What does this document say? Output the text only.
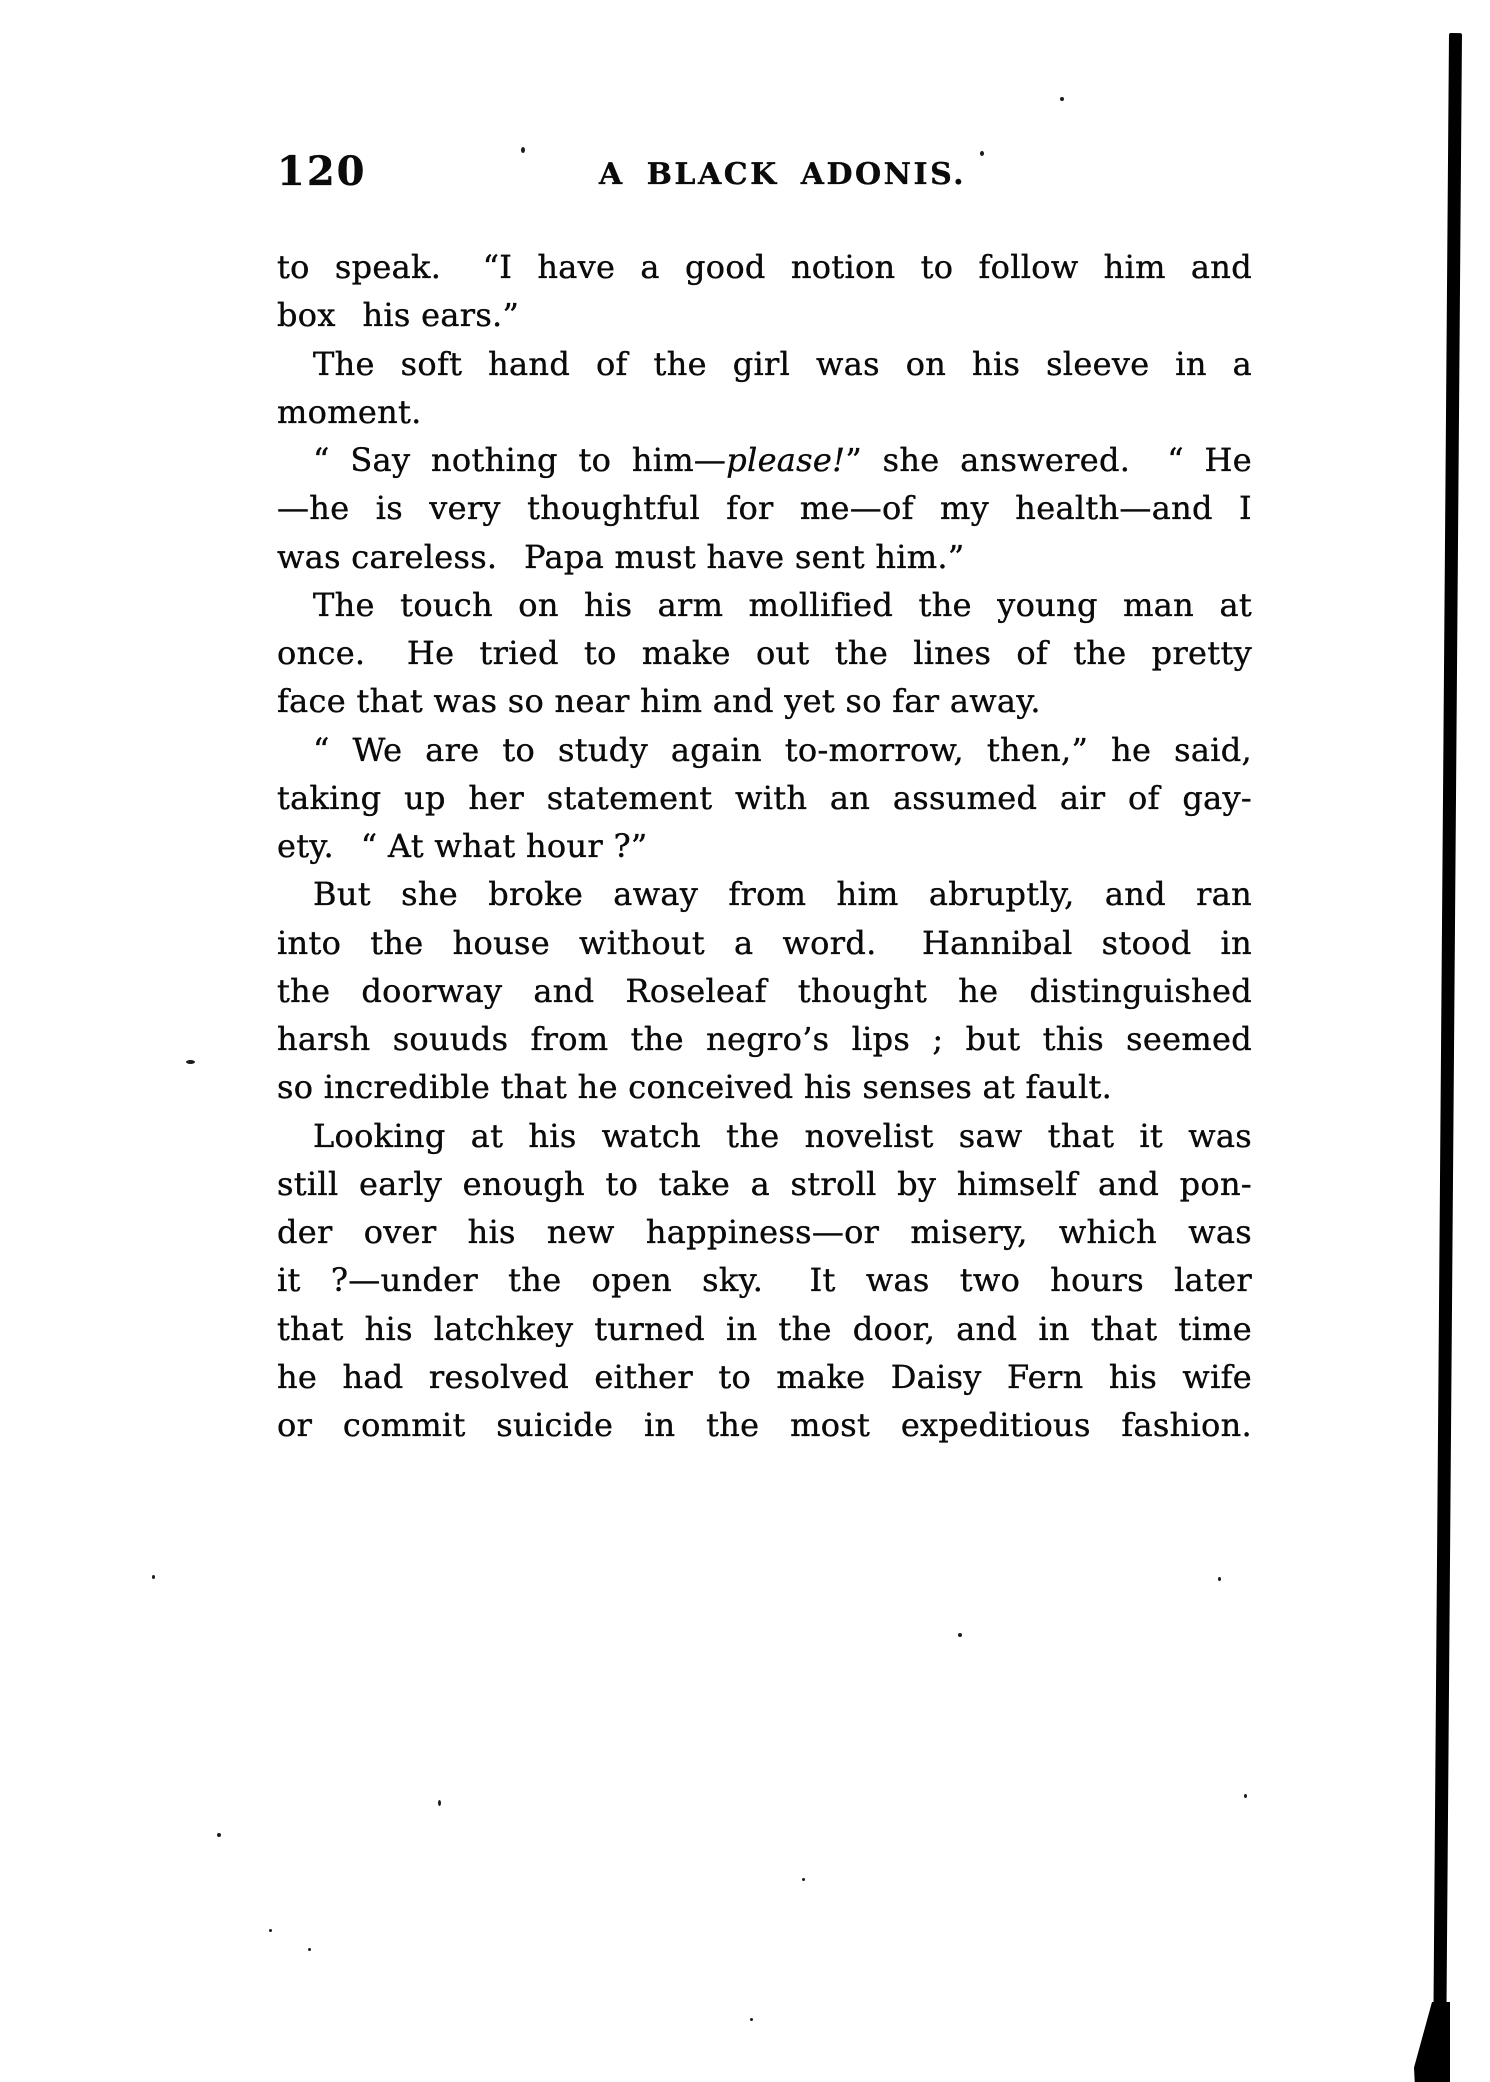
120	A BLACK ADONIS.
to speak.  “I have a good notion to follow him and
box  his ears.”
The soft hand of the girl was on his sleeve in a
moment.
“ Say nothing to him—please!” she answered.  “ He
—he is very thoughtful for me—of my health—and I
was careless.  Papa must have sent him.”
The touch on his arm mollified the young man at
once.  He tried to make out the lines of the pretty
face that was so near him and yet so far away.
“ We are to study again to-morrow, then,” he said,
taking up her statement with an assumed air of gay-
ety.  “ At what hour ?”
But she broke away from him abruptly, and ran
into the house without a word.  Hannibal stood in
the doorway and Roseleaf thought he distinguished
harsh souuds from the negro’s lips ; but this seemed
so incredible that he conceived his senses at fault.
Looking at his watch the novelist saw that it was
still early enough to take a stroll by himself and pon-
der over his new happiness—or misery, which was
it ?—under the open sky.  It was two hours later
that his latchkey turned in the door, and in that time
he had resolved either to make Daisy Fern his wife
or commit suicide in the most expeditious fashion.
